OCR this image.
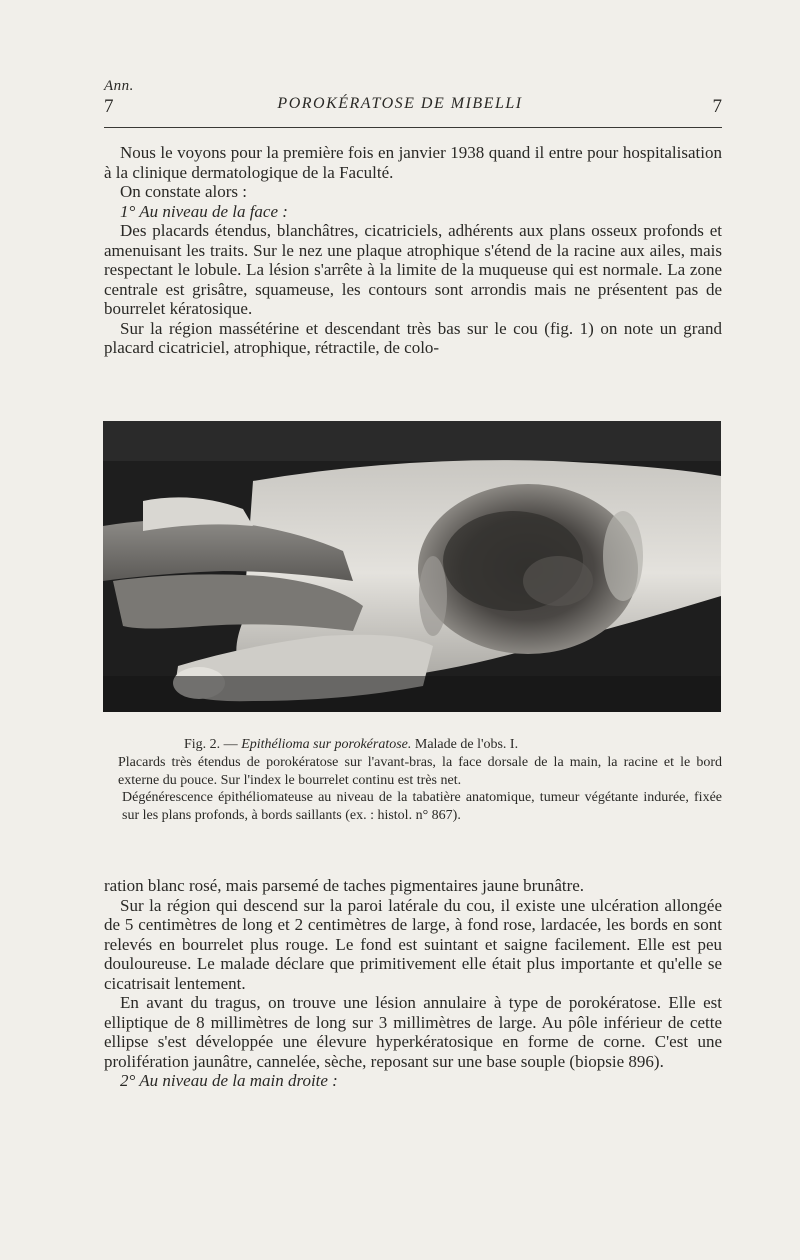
Ann.
7	POROKÉRATOSE DE MIBELLI	7

Nous le voyons pour la première fois en janvier 1938 quand il entre pour hospitalisation à la clinique dermatologique de la Faculté.

On constate alors :

1° Au niveau de la face :

Des placards étendus, blanchâtres, cicatriciels, adhérents aux plans osseux profonds et amenuisant les traits. Sur le nez une plaque atrophique s'étend de la racine aux ailes, mais respectant le lobule. La lésion s'arrête à la limite de la muqueuse qui est normale. La zone centrale est grisâtre, squameuse, les contours sont arrondis mais ne présentent pas de bourrelet kératosique.

Sur la région massétérine et descendant très bas sur le cou (fig. 1) on note un grand placard cicatriciel, atrophique, rétractile, de colo-

Fig. 2. — Epithélioma sur porokératose. Malade de l'obs. I.

Placards très étendus de porokératose sur l'avant-bras, la face dorsale de la main, la racine et le bord externe du pouce. Sur l'index le bourrelet continu est très net.

Dégénérescence épithéliomateuse au niveau de la tabatière anatomique, tumeur végétante indurée, fixée sur les plans profonds, à bords saillants (ex. : histol. n° 867).

ration blanc rosé, mais parsemé de taches pigmentaires jaune brunâtre.

Sur la région qui descend sur la paroi latérale du cou, il existe une ulcération allongée de 5 centimètres de long et 2 centimètres de large, à fond rose, lardacée, les bords en sont relevés en bourrelet plus rouge. Le fond est suintant et saigne facilement. Elle est peu douloureuse. Le malade déclare que primitivement elle était plus importante et qu'elle se cicatrisait lentement.

En avant du tragus, on trouve une lésion annulaire à type de porokératose. Elle est elliptique de 8 millimètres de long sur 3 millimètres de large. Au pôle inférieur de cette ellipse s'est développée une élevure hyperkératosique en forme de corne. C'est une prolifération jaunâtre, cannelée, sèche, reposant sur une base souple (biopsie 896).

2° Au niveau de la main droite :
